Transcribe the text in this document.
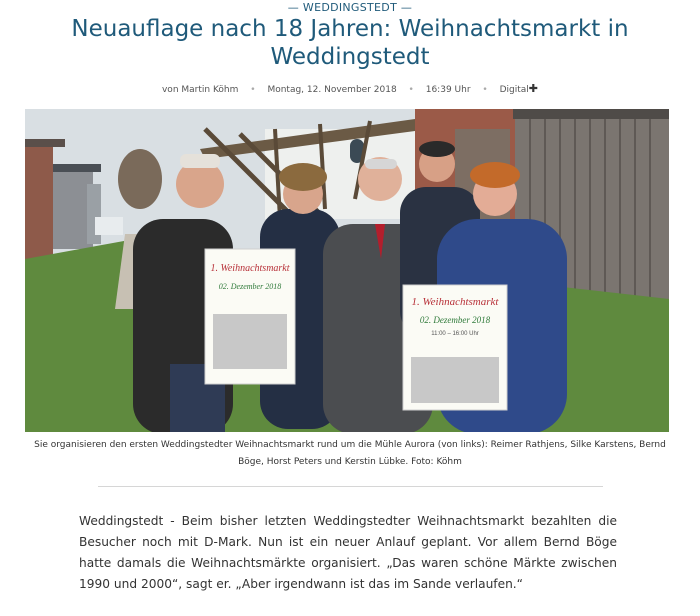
— WEDDINGSTEDT —
Neuauflage nach 18 Jahren: Weihnachtsmarkt in Weddingstedt
von Martin Köhm • Montag, 12. November 2018 • 16:39 Uhr • Digital✚
1. Weihnachtsmarkt
02. Dezember 2018
1. Weihnachtsmarkt
02. Dezember 2018
11:00 – 16:00 Uhr
Sie organisieren den ersten Weddingstedter Weihnachtsmarkt rund um die Mühle Aurora (von links): Reimer Rathjens, Silke Karstens, Bernd Böge, Horst Peters und Kerstin Lübke. Foto: Köhm

Weddingstedt - Beim bisher letzten Weddingstedter Weihnachtsmarkt bezahlten die Besucher noch mit D-Mark. Nun ist ein neuer Anlauf geplant. Vor allem Bernd Böge hatte damals die Weihnachtsmärkte organisiert. „Das waren schöne Märkte zwischen 1990 und 2000“, sagt er. „Aber irgendwann ist das im Sande verlaufen.“
